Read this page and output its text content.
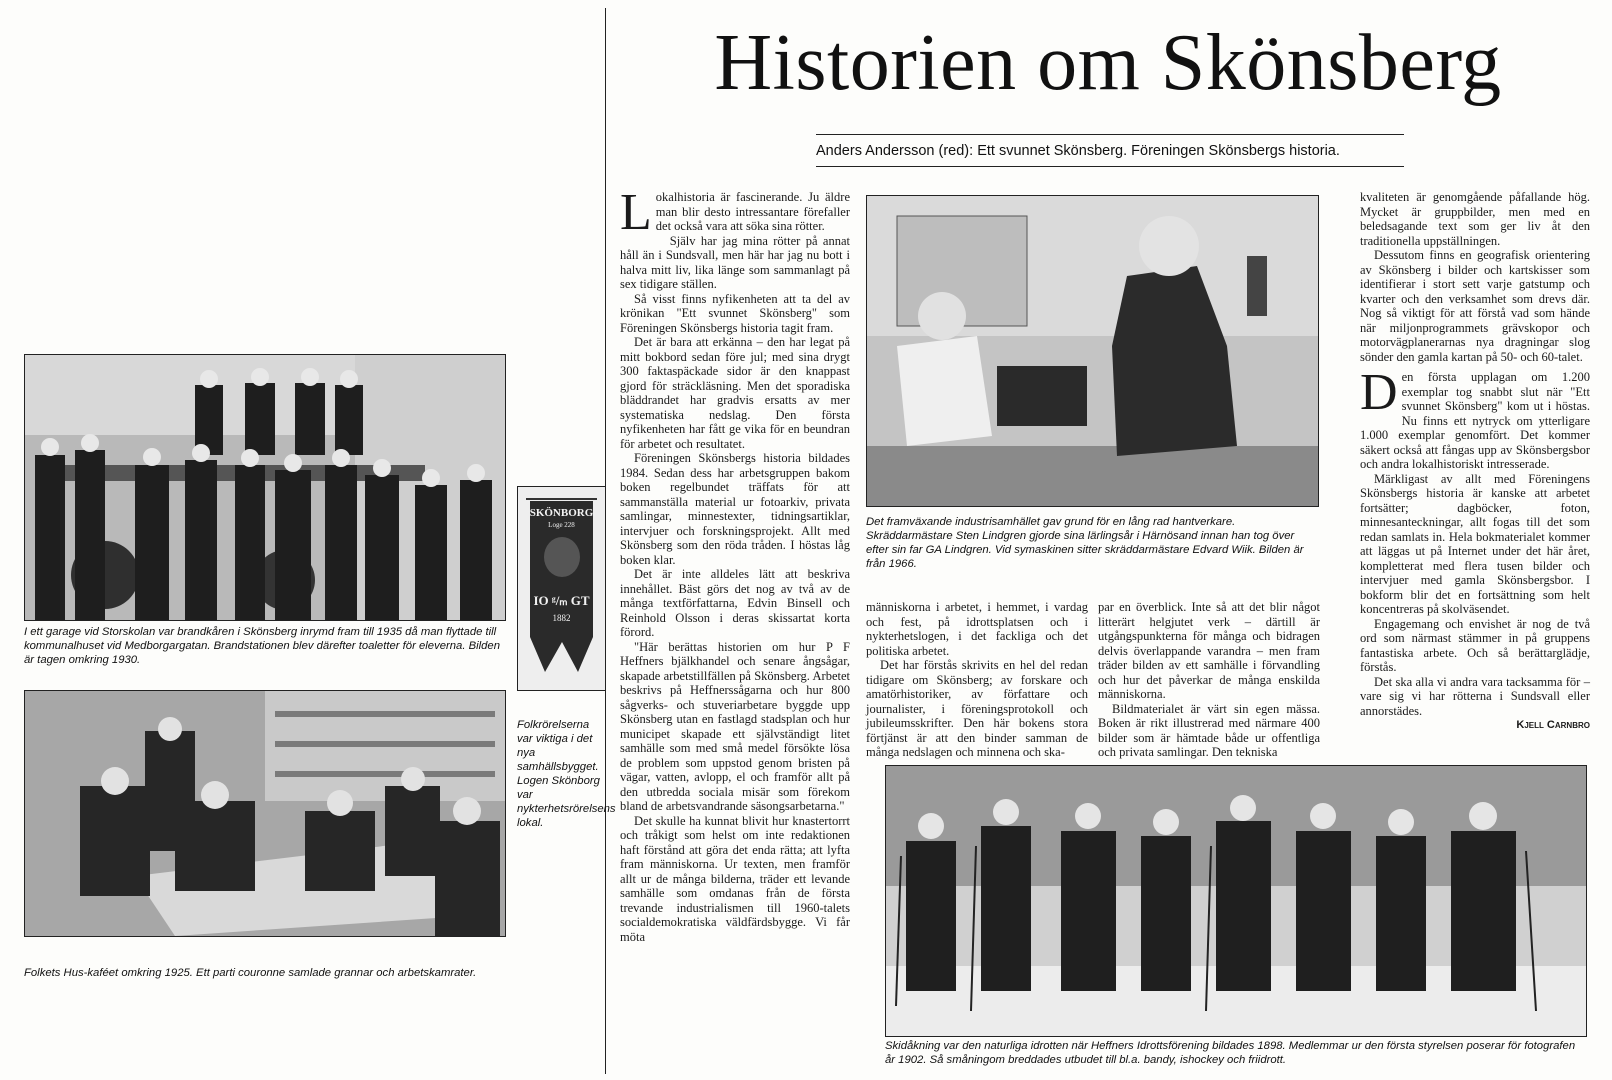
Historien om Skönsberg
Anders Andersson (red): Ett svunnet Skönsberg. Föreningen Skönsbergs historia.

I ett garage vid Storskolan var brandkåren i Skönsberg inrymd fram till 1935 då man flyttade till kommunalhuset vid Medborgargatan. Brandstationen blev därefter toaletter för eleverna. Bilden är tagen omkring 1930.

Folkets Hus-kaféet omkring 1925. Ett parti couronne samlade grannar och arbetskamrater.

SKÖNBORG
Loge 228
IO ᵍ/ₘ GT
1882

Folkrörelserna var viktiga i det nya samhällsbygget. Logen Skönborg var nykterhetsrörelsens lokal.

Lokalhistoria är fascinerande. Ju äldre man blir desto intressantare förefaller det också vara att söka sina rötter.

Själv har jag mina rötter på annat håll än i Sundsvall, men här har jag nu bott i halva mitt liv, lika länge som sammanlagt på sex tidigare ställen.

Så visst finns nyfikenheten att ta del av krönikan "Ett svunnet Skönsberg" som Föreningen Skönsbergs historia tagit fram.

Det är bara att erkänna – den har legat på mitt bokbord sedan före jul; med sina drygt 300 faktaspäckade sidor är den knappast gjord för sträckläsning. Men det sporadiska bläddrandet har gradvis ersatts av mer systematiska nedslag. Den första nyfikenheten har fått ge vika för en beundran för arbetet och resultatet.

Föreningen Skönsbergs historia bildades 1984. Sedan dess har arbetsgruppen bakom boken regelbundet träffats för att sammanställa material ur fotoarkiv, privata samlingar, minnestexter, tidningsartiklar, intervjuer och forskningsprojekt. Allt med Skönsberg som den röda tråden. I höstas låg boken klar.

Det är inte alldeles lätt att beskriva innehållet. Bäst görs det nog av två av de många textförfattarna, Edvin Binsell och Reinhold Olsson i deras skissartat korta förord.

"Här berättas historien om hur P F Heffners bjälkhandel och senare ångsågar, skapade arbetstillfällen på Skönsberg. Arbetet beskrivs på Heffnerssågarna och hur 800 sågverks- och stuveriarbetare byggde upp Skönsberg utan en fastlagd stadsplan och hur municipet skapade ett självständigt litet samhälle som med små medel försökte lösa de problem som uppstod genom bristen på vägar, vatten, avlopp, el och framför allt på den utbredda sociala misär som förekom bland de arbetsvandrande säsongsarbetarna."

Det skulle ha kunnat blivit hur knastertorrt och tråkigt som helst om inte redaktionen haft förstånd att göra det enda rätta; att lyfta fram människorna. Ur texten, men framför allt ur de många bilderna, träder ett levande samhälle som omdanas från de första trevande industrialismen till 1960-talets socialdemokratiska väldfärdsbygge. Vi får möta

Det framväxande industrisamhället gav grund för en lång rad hantverkare. Skräddarmästare Sten Lindgren gjorde sina lärlingsår i Härnösand innan han tog över efter sin far GA Lindgren. Vid symaskinen sitter skräddarmästare Edvard Wiik. Bilden är från 1966.

människorna i arbetet, i hemmet, i vardag och fest, på idrottsplatsen och i nykterhetslogen, i det fackliga och det politiska arbetet.

Det har förstås skrivits en hel del redan tidigare om Skönsberg; av forskare och amatörhistoriker, av författare och journalister, i föreningsprotokoll och jubileumsskrifter. Den här bokens stora förtjänst är att den binder samman de många nedslagen och minnena och ska-

par en överblick. Inte så att det blir något litterärt helgjutet verk – därtill är utgångspunkterna för många och bidragen delvis överlappande varandra – men fram träder bilden av ett samhälle i förvandling och hur det påverkar de många enskilda människorna.

Bildmaterialet är värt sin egen mässa. Boken är rikt illustrerad med närmare 400 bilder som är hämtade både ur offentliga och privata samlingar. Den tekniska

kvaliteten är genomgående påfallande hög. Mycket är gruppbilder, men med en beledsagande text som ger liv åt den traditionella uppställningen.

Dessutom finns en geografisk orientering av Skönsberg i bilder och kartskisser som identifierar i stort sett varje gatstump och kvarter och den verksamhet som drevs där. Nog så viktigt för att förstå vad som hände när miljonprogrammets grävskopor och motorvägplanerarnas nya dragningar slog sönder den gamla kartan på 50- och 60-talet.

Den första upplagan om 1.200 exemplar tog snabbt slut när "Ett svunnet Skönsberg" kom ut i höstas. Nu finns ett nytryck om ytterligare 1.000 exemplar genomfört. Det kommer säkert också att fångas upp av Skönsbergsbor och andra lokalhistoriskt intresserade.

Märkligast av allt med Föreningens Skönsbergs historia är kanske att arbetet fortsätter; dagböcker, foton, minnesanteckningar, allt fogas till det som redan samlats in. Hela bokmaterialet kommer att läggas ut på Internet under det här året, kompletterat med flera tusen bilder och intervjuer med gamla Skönsbergsbor. I bokform blir det en fortsättning som helt koncentreras på skolväsendet.

Engagemang och envishet är nog de två ord som närmast stämmer in på gruppens fantastiska arbete. Och så berättarglädje, förstås.

Det ska alla vi andra vara tacksamma för – vare sig vi har rötterna i Sundsvall eller annorstädes.

Kjell Carnbro

Skidåkning var den naturliga idrotten när Heffners Idrottsförening bildades 1898. Medlemmar ur den första styrelsen poserar för fotografen år 1902. Så småningom breddades utbudet till bl.a. bandy, ishockey och friidrott.
